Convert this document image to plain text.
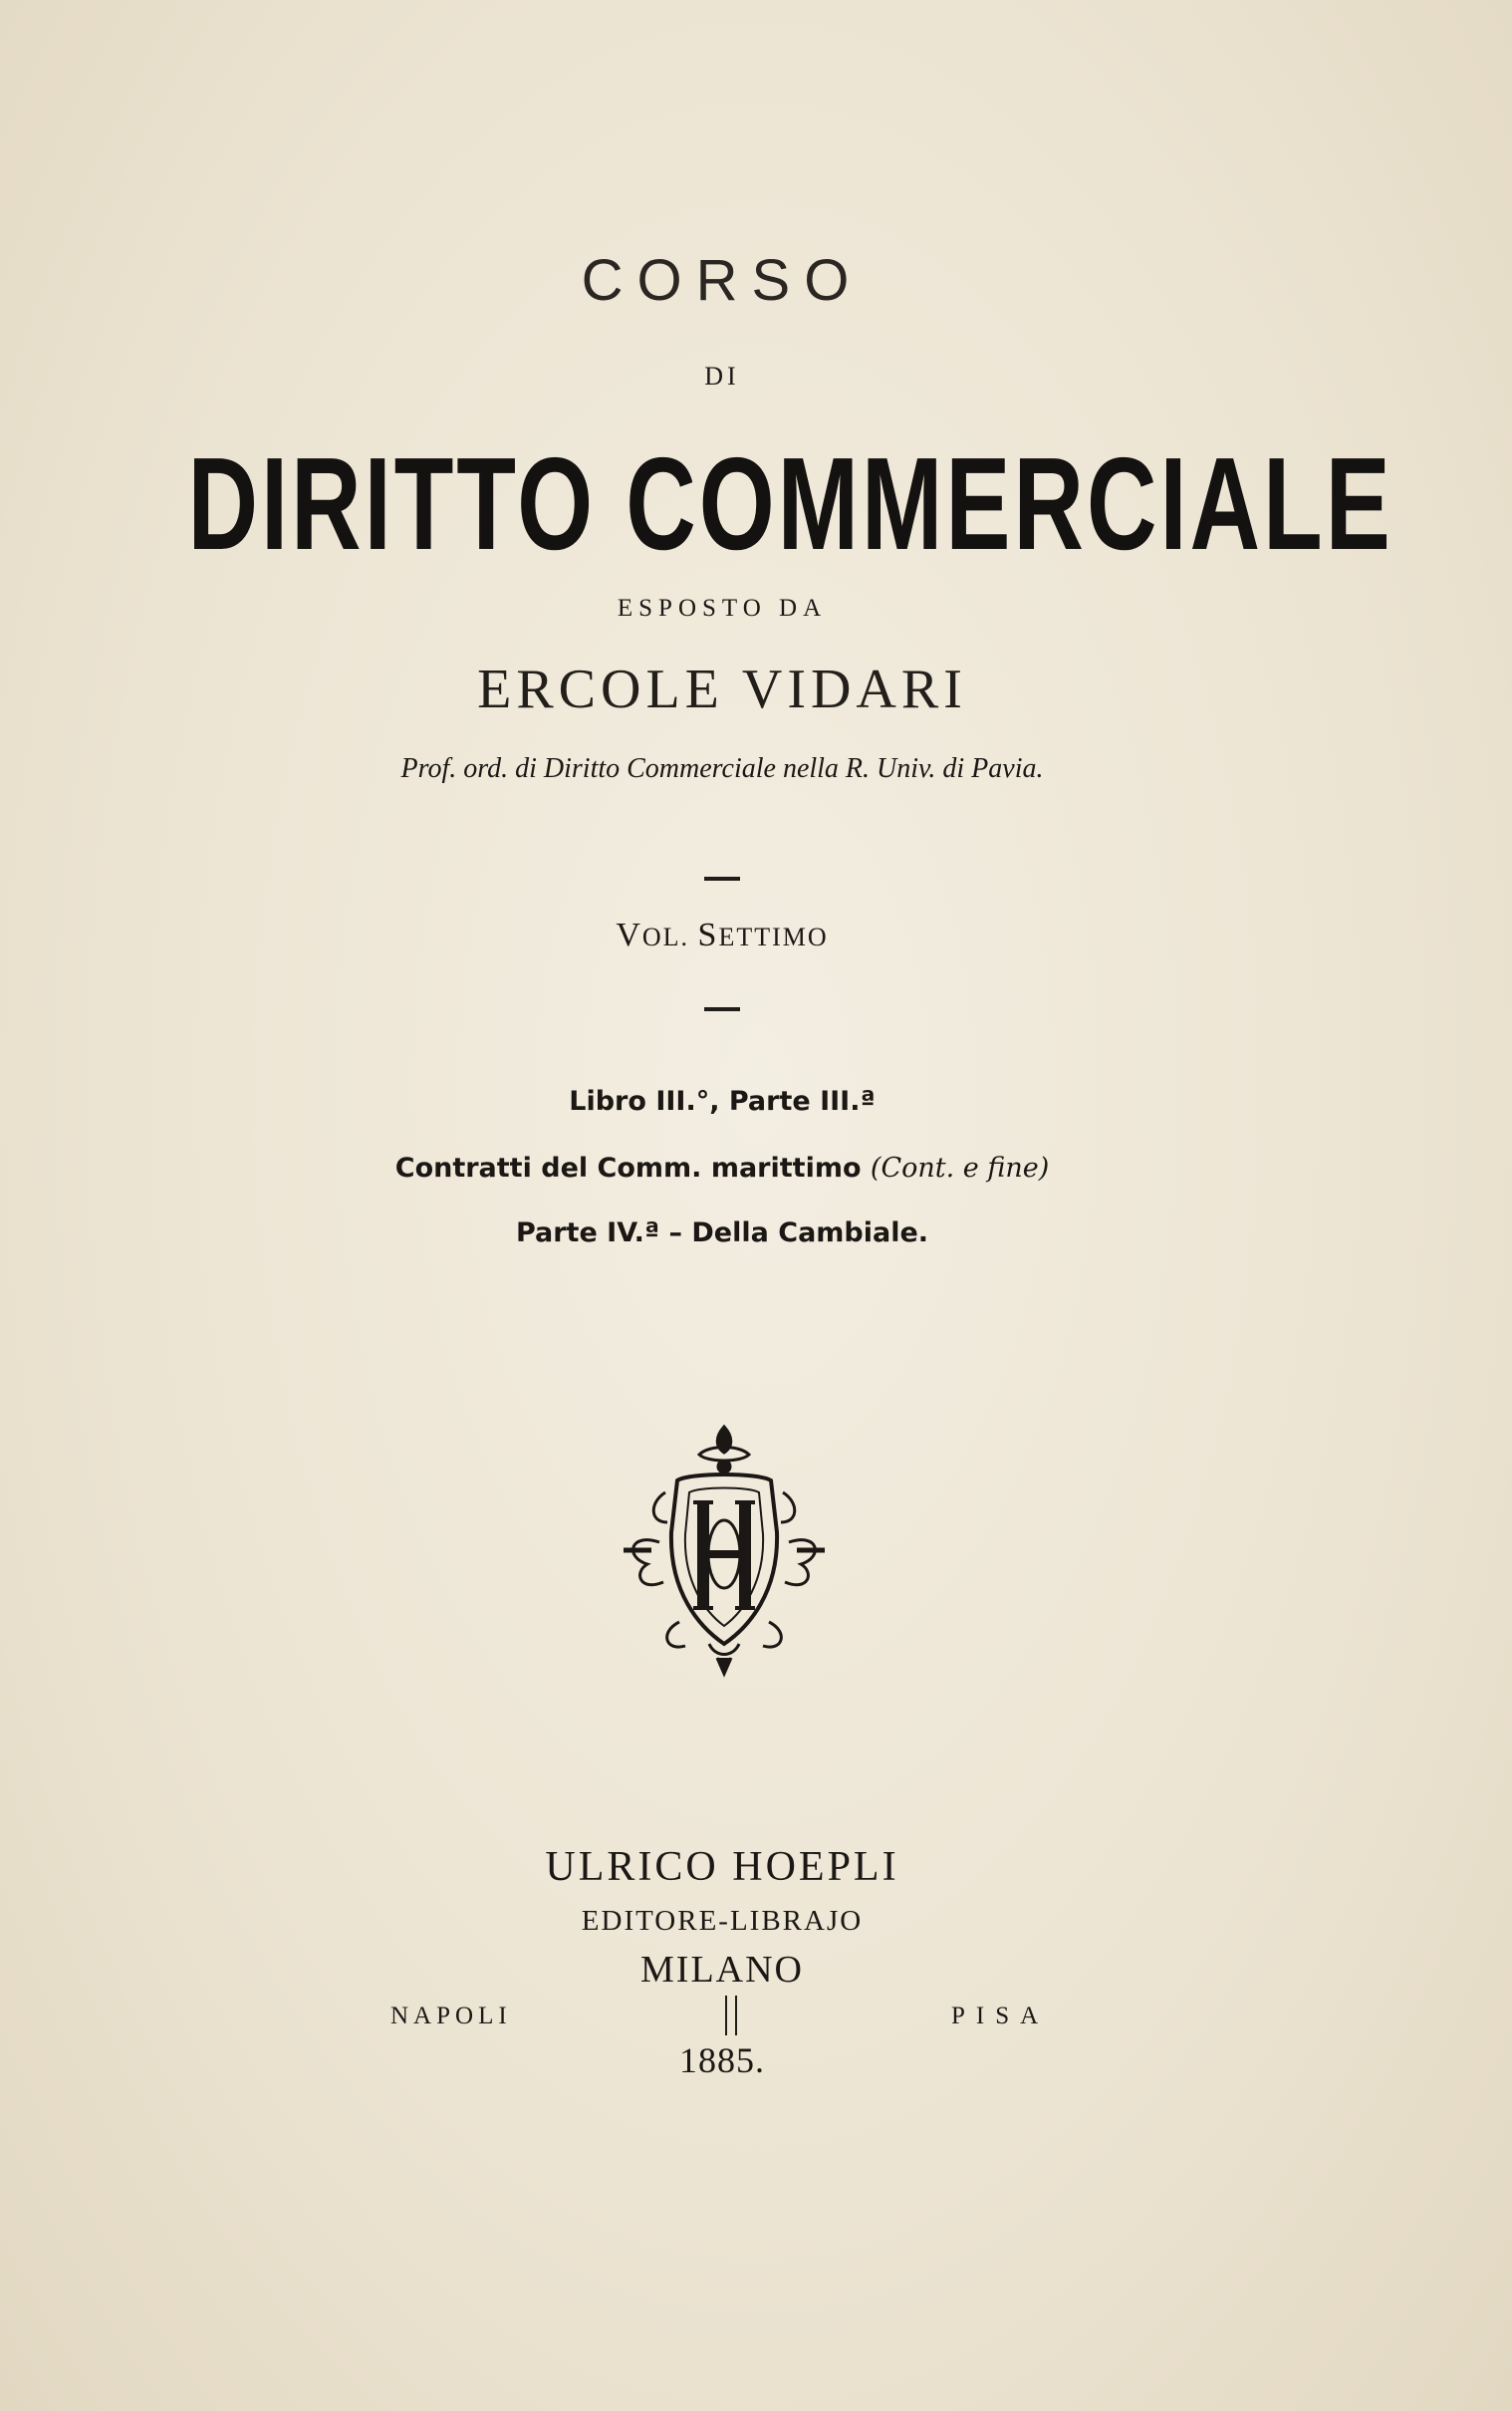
CORSO
DI
DIRITTO COMMERCIALE
ESPOSTO DA
ERCOLE VIDARI
Prof. ord. di Diritto Commerciale nella R. Univ. di Pavia.
VOL. SETTIMO
Libro III.°, Parte III.ª
Contratti del Comm. marittimo (Cont. e fine)
Parte IV.ª – Della Cambiale.
ULRICO HOEPLI
EDITORE-LIBRAJO
MILANO
NAPOLI	PISA
1885.
